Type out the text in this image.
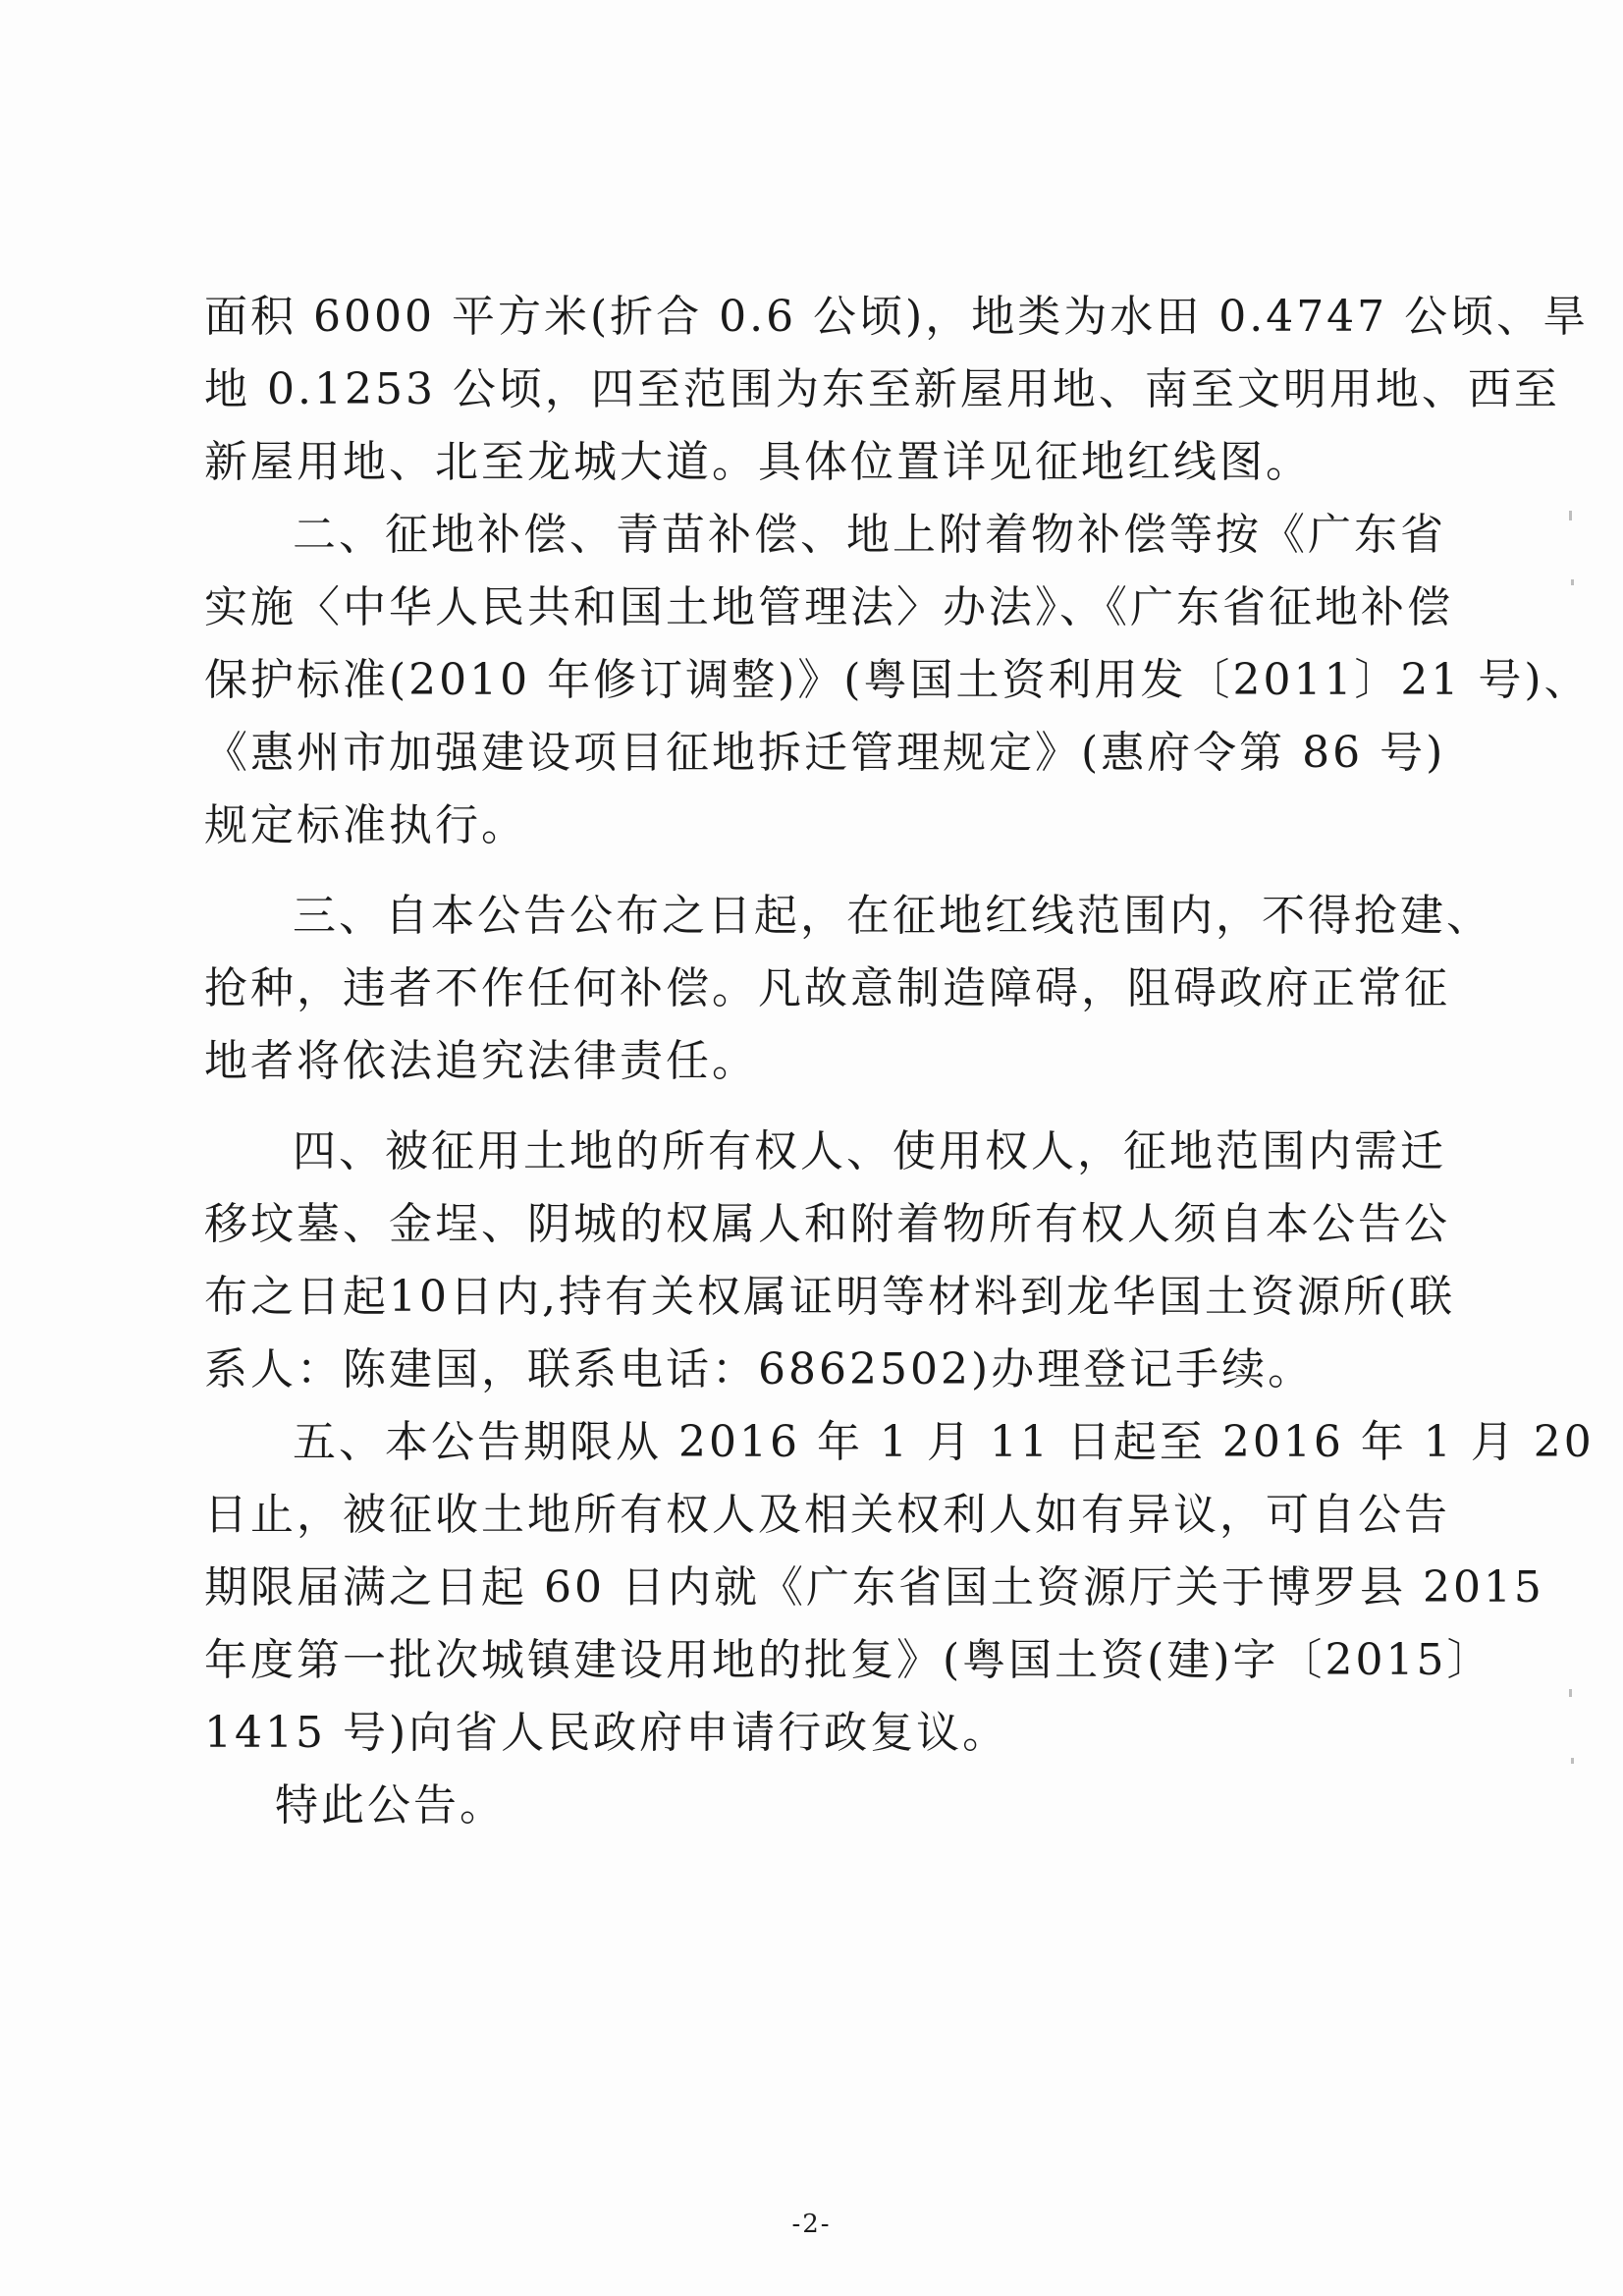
面积 6000 平方米(折合 0.6 公顷)，地类为水田 0.4747 公顷、旱
地 0.1253 公顷，四至范围为东至新屋用地、南至文明用地、西至
新屋用地、北至龙城大道。具体位置详见征地红线图。
二、征地补偿、青苗补偿、地上附着物补偿等按《广东省
实施〈中华人民共和国土地管理法〉办法》、《广东省征地补偿
保护标准(2010 年修订调整)》(粤国土资利用发〔2011〕21 号)、
《惠州市加强建设项目征地拆迁管理规定》(惠府令第 86 号)
规定标准执行。
三、自本公告公布之日起，在征地红线范围内，不得抢建、
抢种，违者不作任何补偿。凡故意制造障碍，阻碍政府正常征
地者将依法追究法律责任。
四、被征用土地的所有权人、使用权人，征地范围内需迁
移坟墓、金埕、阴城的权属人和附着物所有权人须自本公告公
布之日起10日内,持有关权属证明等材料到龙华国土资源所(联
系人：陈建国，联系电话：6862502)办理登记手续。
五、本公告期限从 2016 年 1 月 11 日起至 2016 年 1 月 20
日止，被征收土地所有权人及相关权利人如有异议，可自公告
期限届满之日起 60 日内就《广东省国土资源厅关于博罗县 2015
年度第一批次城镇建设用地的批复》(粤国土资(建)字〔2015〕
1415 号)向省人民政府申请行政复议。
特此公告。
-2-
